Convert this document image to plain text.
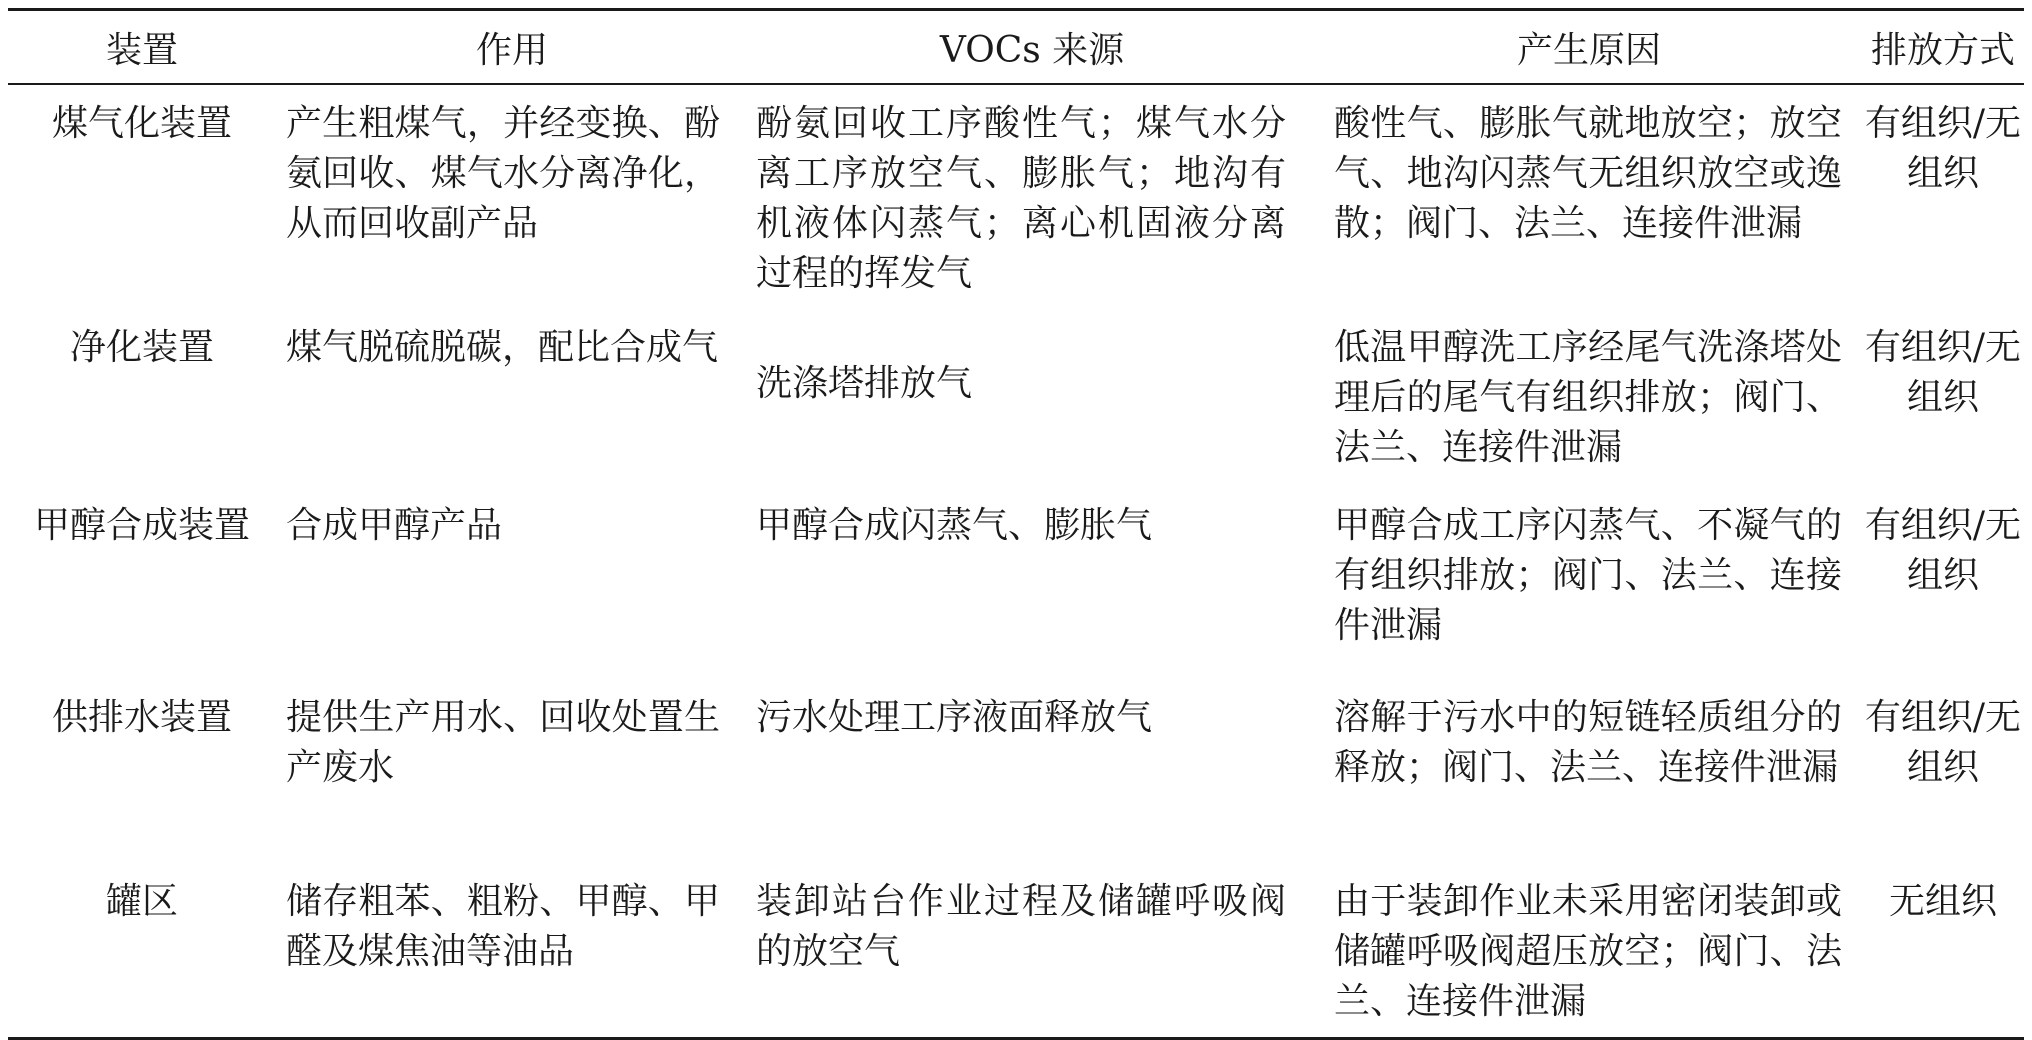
装置	作用	VOCs 来源	产生原因	排放方式
煤气化装置	产生粗煤气，并经变换、酚氨回收、煤气水分离净化，从而回收副产品	酚氨回收工序酸性气；煤气水分离工序放空气、膨胀气；地沟有机液体闪蒸气；离心机固液分离过程的挥发气	酸性气、膨胀气就地放空；放空气、地沟闪蒸气无组织放空或逸散；阀门、法兰、连接件泄漏	有组织/无组织
净化装置	煤气脱硫脱碳，配比合成气	洗涤塔排放气	低温甲醇洗工序经尾气洗涤塔处理后的尾气有组织排放；阀门、法兰、连接件泄漏	有组织/无组织
甲醇合成装置	合成甲醇产品	甲醇合成闪蒸气、膨胀气	甲醇合成工序闪蒸气、不凝气的有组织排放；阀门、法兰、连接件泄漏	有组织/无组织
供排水装置	提供生产用水、回收处置生产废水	污水处理工序液面释放气	溶解于污水中的短链轻质组分的释放；阀门、法兰、连接件泄漏	有组织/无组织
罐区	储存粗苯、粗粉、甲醇、甲醛及煤焦油等油品	装卸站台作业过程及储罐呼吸阀的放空气	由于装卸作业未采用密闭装卸或储罐呼吸阀超压放空；阀门、法兰、连接件泄漏	无组织
